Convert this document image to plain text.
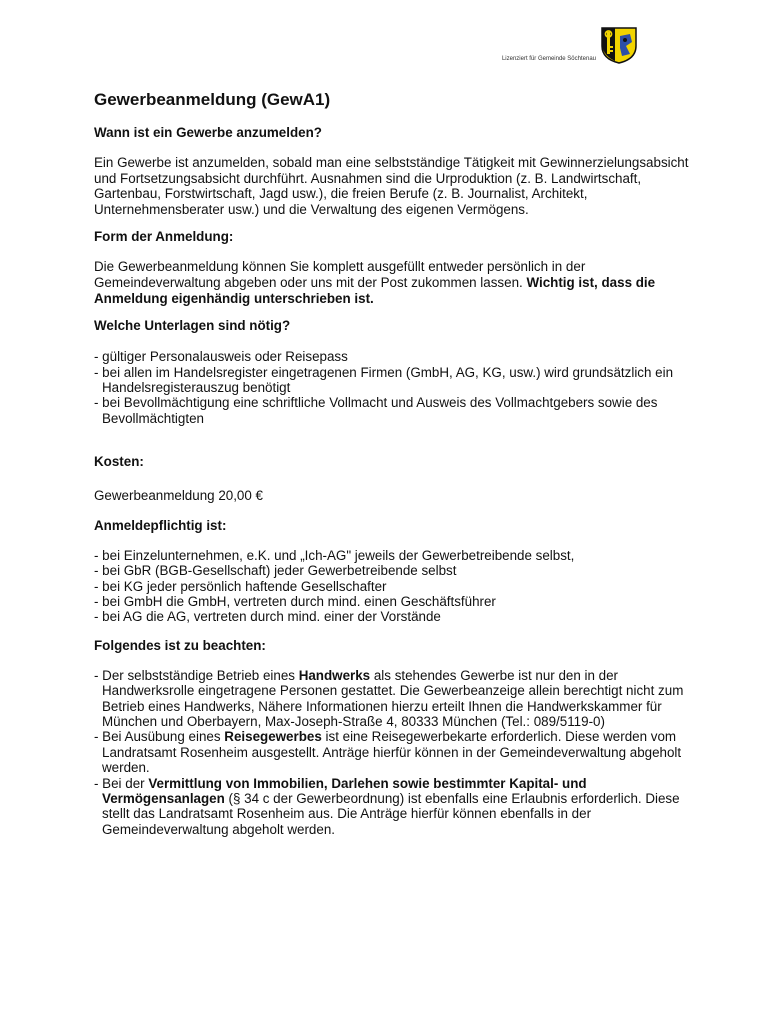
Lizenziert für Gemeinde Söchtenau
Gewerbeanmeldung (GewA1)
Wann ist ein Gewerbe anzumelden?
Ein Gewerbe ist anzumelden, sobald man eine selbstständige Tätigkeit mit Gewinnerzielungsabsicht und Fortsetzungsabsicht durchführt. Ausnahmen sind die Urproduktion (z. B. Landwirtschaft, Gartenbau, Forstwirtschaft, Jagd usw.), die freien Berufe (z. B. Journalist, Architekt, Unternehmensberater usw.) und die Verwaltung des eigenen Vermögens.
Form der Anmeldung:
Die Gewerbeanmeldung können Sie komplett ausgefüllt entweder persönlich in der Gemeindeverwaltung abgeben oder uns mit der Post zukommen lassen. Wichtig ist, dass die Anmeldung eigenhändig unterschrieben ist.
Welche Unterlagen sind nötig?
- gültiger Personalausweis oder Reisepass
- bei allen im Handelsregister eingetragenen Firmen (GmbH, AG, KG, usw.) wird grundsätzlich ein Handelsregisterauszug benötigt
- bei Bevollmächtigung eine schriftliche Vollmacht und Ausweis des Vollmachtgebers sowie des Bevollmächtigten
Kosten:
Gewerbeanmeldung 20,00 €
Anmeldepflichtig ist:
- bei Einzelunternehmen, e.K. und „Ich-AG" jeweils der Gewerbetreibende selbst,
- bei GbR (BGB-Gesellschaft) jeder Gewerbetreibende selbst
- bei KG jeder persönlich haftende Gesellschafter
- bei GmbH die GmbH, vertreten durch mind. einen Geschäftsführer
- bei AG die AG, vertreten durch mind. einer der Vorstände
Folgendes ist zu beachten:
- Der selbstständige Betrieb eines Handwerks als stehendes Gewerbe ist nur den in der Handwerksrolle eingetragene Personen gestattet. Die Gewerbeanzeige allein berechtigt nicht zum Betrieb eines Handwerks, Nähere Informationen hierzu erteilt Ihnen die Handwerkskammer für München und Oberbayern, Max-Joseph-Straße 4, 80333 München (Tel.: 089/5119-0)
- Bei Ausübung eines Reisegewerbes ist eine Reisegewerbekarte erforderlich. Diese werden vom Landratsamt Rosenheim ausgestellt. Anträge hierfür können in der Gemeindeverwaltung abgeholt werden.
- Bei der Vermittlung von Immobilien, Darlehen sowie bestimmter Kapital- und Vermögensanlagen (§ 34 c der Gewerbeordnung) ist ebenfalls eine Erlaubnis erforderlich. Diese stellt das Landratsamt Rosenheim aus. Die Anträge hierfür können ebenfalls in der Gemeindeverwaltung abgeholt werden.
